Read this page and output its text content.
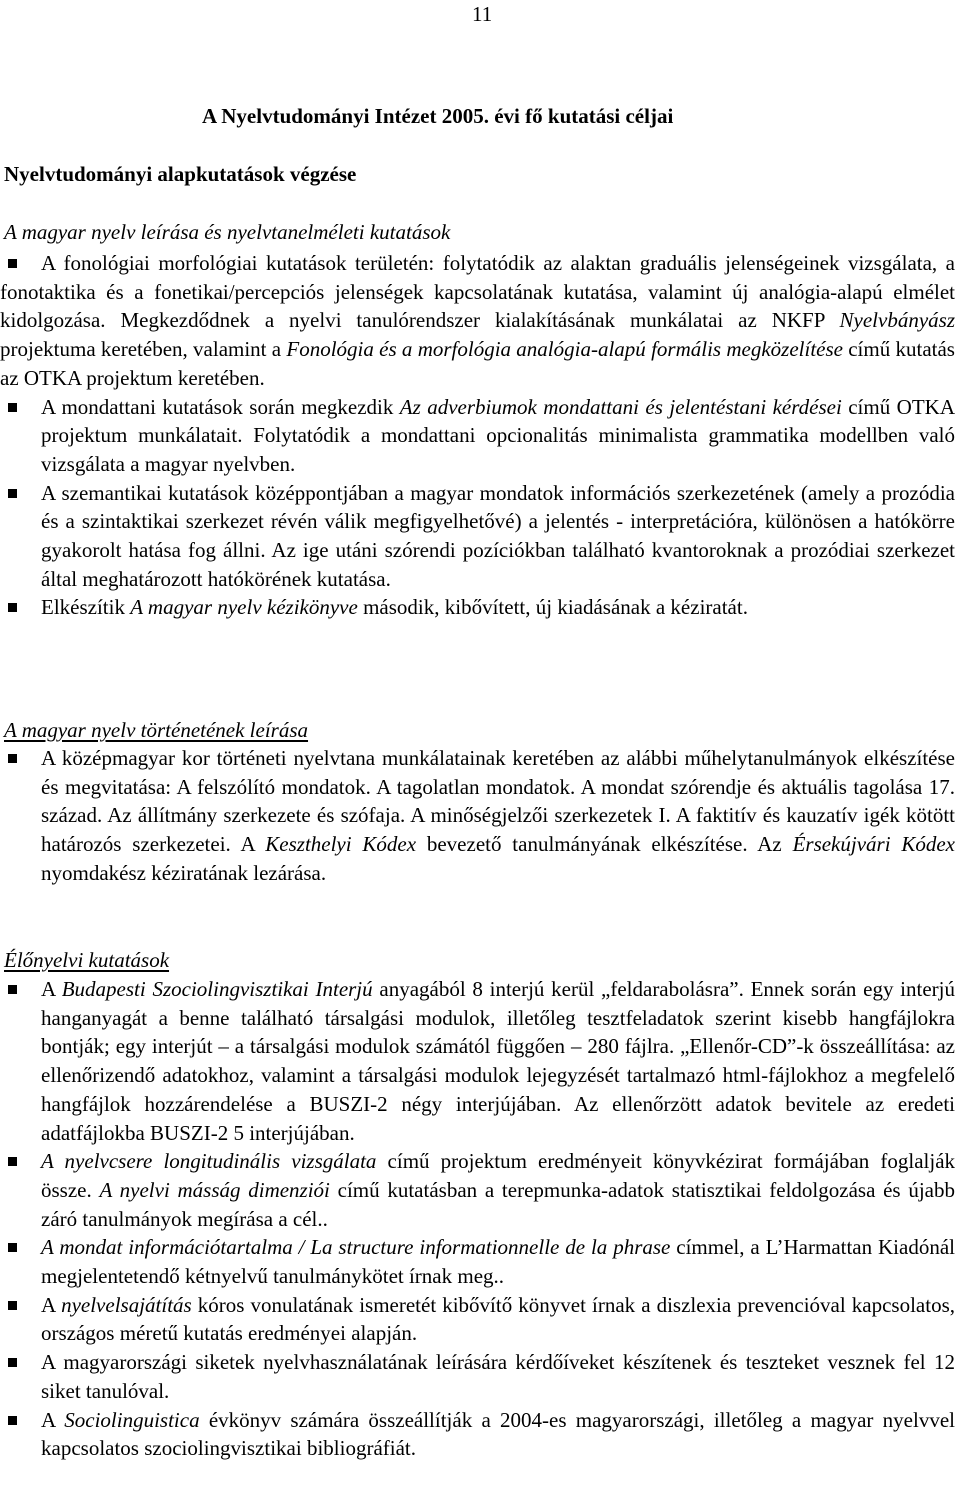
11
A Nyelvtudományi Intézet 2005. évi fő kutatási céljai
Nyelvtudományi alapkutatások végzése
A magyar nyelv leírása és nyelvtanelméleti kutatások
A fonológiai morfológiai kutatások területén: folytatódik az alaktan graduális jelenségeinek vizsgálata, a fonotaktika és a fonetikai/percepciós jelenségek kapcsolatának kutatása, valamint új analógia-alapú elmélet kidolgozása. Megkezdődnek a nyelvi tanulórendszer kialakításának munkálatai az NKFP Nyelvbányász projektuma keretében, valamint a Fonológia és a morfológia analógia-alapú formális megközelítése című kutatás az OTKA projektum keretében.
A mondattani kutatások során megkezdik Az adverbiumok mondattani és jelentéstani kérdései című OTKA projektum munkálatait. Folytatódik a mondattani opcionalitás minimalista grammatika modellben való vizsgálata a magyar nyelvben.
A szemantikai kutatások középpontjában a magyar mondatok információs szerkezetének (amely a prozódia és a szintaktikai szerkezet révén válik megfigyelhetővé) a jelentés - interpretációra, különösen a hatókörre gyakorolt hatása fog állni. Az ige utáni szórendi pozíciókban található kvantoroknak a prozódiai szerkezet által meghatározott hatókörének kutatása.
Elkészítik A magyar nyelv kézikönyve második, kibővített, új kiadásának a kéziratát.
A magyar nyelv történetének leírása
A középmagyar kor történeti nyelvtana munkálatainak keretében az alábbi műhelytanulmányok elkészítése és megvitatása: A felszólító mondatok. A tagolatlan mondatok. A mondat szórendje és aktuális tagolása 17. század. Az állítmány szerkezete és szófaja. A minőségjelzői szerkezetek I. A faktitív és kauzatív igék kötött határozós szerkezetei. A Keszthelyi Kódex bevezető tanulmányának elkészítése. Az Érsekújvári Kódex nyomdakész kéziratának lezárása.
Élőnyelvi kutatások
A Budapesti Szociolingvisztikai Interjú anyagából 8 interjú kerül „feldarabolásra”. Ennek során egy interjú hanganyagát a benne található társalgási modulok, illetőleg tesztfeladatok szerint kisebb hangfájlokra bontják; egy interjút – a társalgási modulok számától függően – 280 fájlra. „Ellenőr-CD”-k összeállítása: az ellenőrizendő adatokhoz, valamint a társalgási modulok lejegyzését tartalmazó html-fájlokhoz a megfelelő hangfájlok hozzárendelése a BUSZI-2 négy interjújában. Az ellenőrzött adatok bevitele az eredeti adatfájlokba BUSZI-2 5 interjújában.
A nyelvcsere longitudinális vizsgálata című projektum eredményeit könyvkézirat formájában foglalják össze. A nyelvi másság dimenziói című kutatásban a terepmunka-adatok statisztikai feldolgozása és újabb záró tanulmányok megírása a cél..
A mondat információtartalma / La structure informationnelle de la phrase címmel, a L’Harmattan Kiadónál megjelentetendő kétnyelvű tanulmánykötet írnak meg..
A nyelvelsajátítás kóros vonulatának ismeretét kibővítő könyvet írnak a diszlexia prevencióval kapcsolatos, országos méretű kutatás eredményei alapján.
A magyarországi siketek nyelvhasználatának leírására kérdőíveket készítenek és teszteket vesznek fel 12 siket tanulóval.
A Sociolinguistica évkönyv számára összeállítják a 2004-es magyarországi, illetőleg a magyar nyelvvel kapcsolatos szociolingvisztikai bibliográfiát.
